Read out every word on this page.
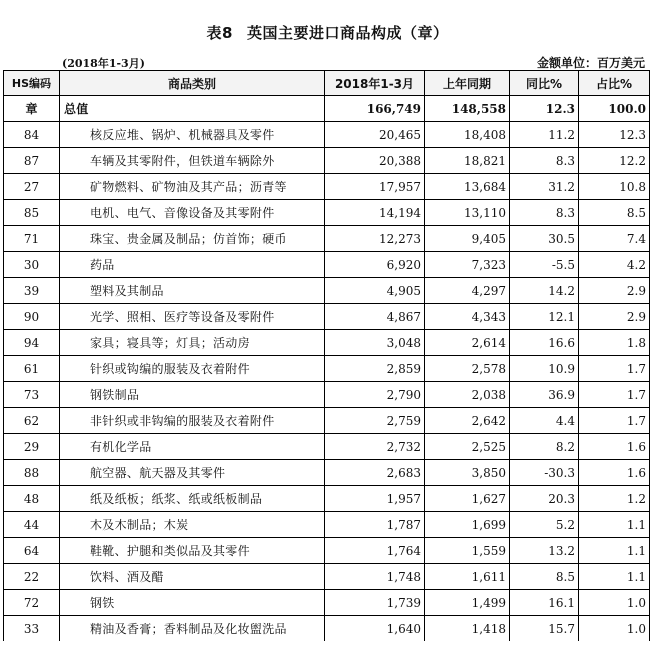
表8 英国主要进口商品构成（章）
(2018年1-3月)	金额单位：百万美元
HS编码	商品类别	2018年1-3月	上年同期	同比%	占比%
章	总值	166,749	148,558	12.3	100.0
84	核反应堆、锅炉、机械器具及零件	20,465	18,408	11.2	12.3
87	车辆及其零附件，但铁道车辆除外	20,388	18,821	8.3	12.2
27	矿物燃料、矿物油及其产品；沥青等	17,957	13,684	31.2	10.8
85	电机、电气、音像设备及其零附件	14,194	13,110	8.3	8.5
71	珠宝、贵金属及制品；仿首饰；硬币	12,273	9,405	30.5	7.4
30	药品	6,920	7,323	-5.5	4.2
39	塑料及其制品	4,905	4,297	14.2	2.9
90	光学、照相、医疗等设备及零附件	4,867	4,343	12.1	2.9
94	家具；寝具等；灯具；活动房	3,048	2,614	16.6	1.8
61	针织或钩编的服装及衣着附件	2,859	2,578	10.9	1.7
73	钢铁制品	2,790	2,038	36.9	1.7
62	非针织或非钩编的服装及衣着附件	2,759	2,642	4.4	1.7
29	有机化学品	2,732	2,525	8.2	1.6
88	航空器、航天器及其零件	2,683	3,850	-30.3	1.6
48	纸及纸板；纸浆、纸或纸板制品	1,957	1,627	20.3	1.2
44	木及木制品；木炭	1,787	1,699	5.2	1.1
64	鞋靴、护腿和类似品及其零件	1,764	1,559	13.2	1.1
22	饮料、酒及醋	1,748	1,611	8.5	1.1
72	钢铁	1,739	1,499	16.1	1.0
33	精油及香膏；香料制品及化妆盥洗品	1,640	1,418	15.7	1.0
